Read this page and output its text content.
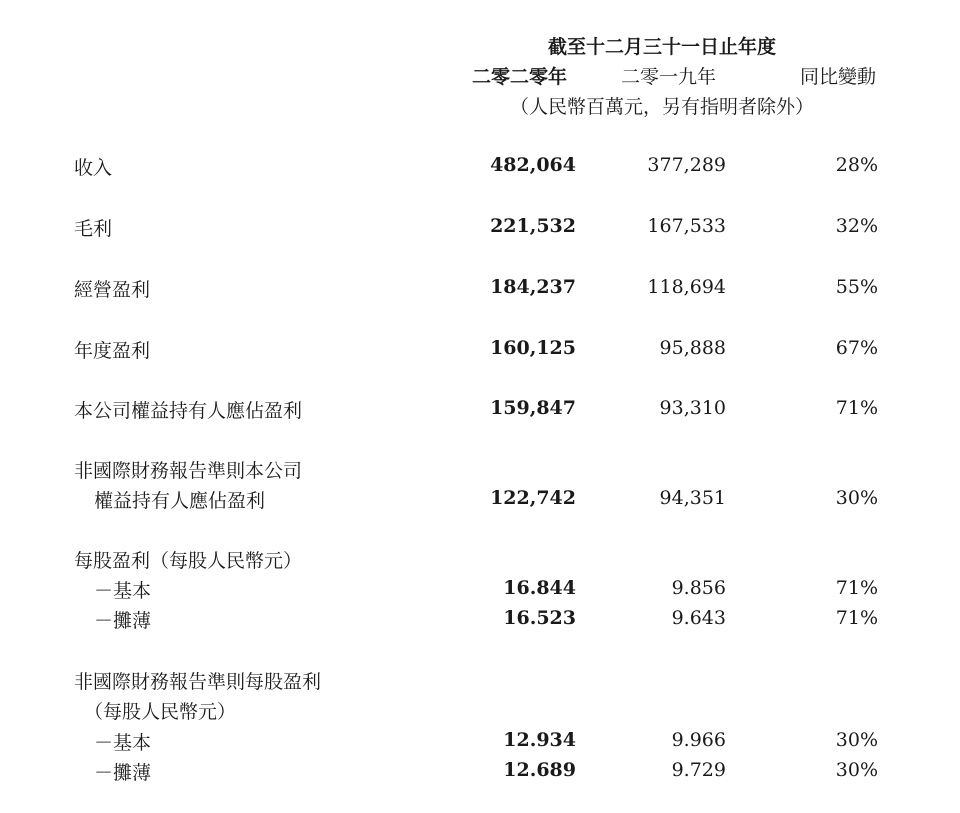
截至十二月三十一日止年度
二零二零年	二零一九年	同比變動
（人民幣百萬元，另有指明者除外）
收入	482,064	377,289	28%
毛利	221,532	167,533	32%
經營盈利	184,237	118,694	55%
年度盈利	160,125	95,888	67%
本公司權益持有人應佔盈利	159,847	93,310	71%
非國際財務報告準則本公司
權益持有人應佔盈利	122,742	94,351	30%
每股盈利（每股人民幣元）
－基本	16.844	9.856	71%
－攤薄	16.523	9.643	71%
非國際財務報告準則每股盈利
（每股人民幣元）
－基本	12.934	9.966	30%
－攤薄	12.689	9.729	30%
